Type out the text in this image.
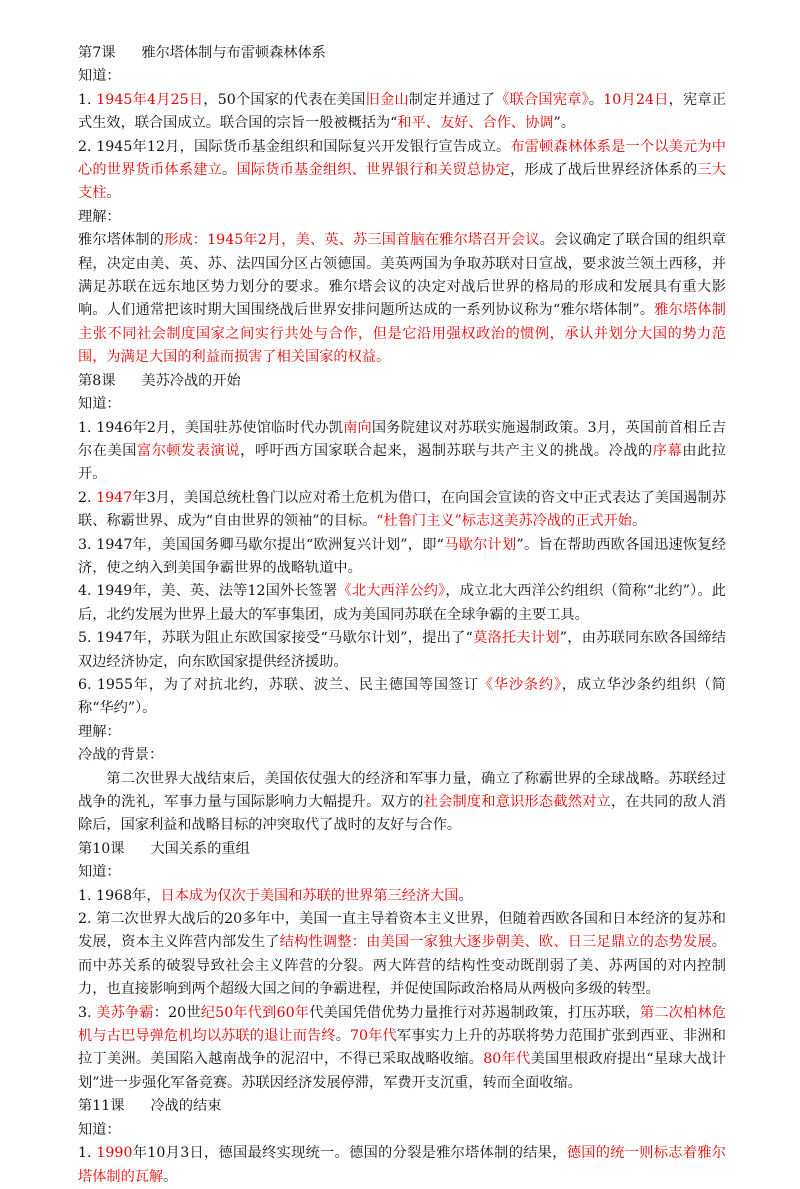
第7课 雅尔塔体制与布雷顿森林体系

知道：

1. 1945年4月25日，50个国家的代表在美国旧金山制定并通过了《联合国宪章》。10月24日，宪章正式生效，联合国成立。联合国的宗旨一般被概括为“和平、友好、合作、协调”。

2. 1945年12月，国际货币基金组织和国际复兴开发银行宣告成立。布雷顿森林体系是一个以美元为中心的世界货币体系建立。国际货币基金组织、世界银行和关贸总协定，形成了战后世界经济体系的三大支柱。

理解：

雅尔塔体制的形成：1945年2月，美、英、苏三国首脑在雅尔塔召开会议。会议确定了联合国的组织章程，决定由美、英、苏、法四国分区占领德国。美英两国为争取苏联对日宣战，要求波兰领土西移，并满足苏联在远东地区势力划分的要求。雅尔塔会议的决定对战后世界的格局的形成和发展具有重大影响。人们通常把该时期大国围绕战后世界安排问题所达成的一系列协议称为“雅尔塔体制”。雅尔塔体制主张不同社会制度国家之间实行共处与合作，但是它沿用强权政治的惯例，承认并划分大国的势力范围，为满足大国的利益而损害了相关国家的权益。

第8课 美苏冷战的开始

知道：

1. 1946年2月，美国驻苏使馆临时代办凯南向国务院建议对苏联实施遏制政策。3月，英国前首相丘吉尔在美国富尔顿发表演说，呼吁西方国家联合起来，遏制苏联与共产主义的挑战。冷战的序幕由此拉开。

2. 1947年3月，美国总统杜鲁门以应对希土危机为借口，在向国会宣读的咨文中正式表达了美国遏制苏联、称霸世界、成为“自由世界的领袖”的目标。“杜鲁门主义”标志这美苏冷战的正式开始。

3. 1947年，美国国务卿马歇尔提出“欧洲复兴计划”，即“马歇尔计划”。旨在帮助西欧各国迅速恢复经济，使之纳入到美国争霸世界的战略轨道中。

4. 1949年，美、英、法等12国外长签署《北大西洋公约》，成立北大西洋公约组织（简称“北约”）。此后，北约发展为世界上最大的军事集团，成为美国同苏联在全球争霸的主要工具。

5. 1947年，苏联为阻止东欧国家接受“马歇尔计划”，提出了“莫洛托夫计划”，由苏联同东欧各国缔结双边经济协定，向东欧国家提供经济援助。

6. 1955年，为了对抗北约，苏联、波兰、民主德国等国签订《华沙条约》，成立华沙条约组织（简称“华约”）。

理解：

冷战的背景：

第二次世界大战结束后，美国依仗强大的经济和军事力量，确立了称霸世界的全球战略。苏联经过战争的洗礼，军事力量与国际影响力大幅提升。双方的社会制度和意识形态截然对立，在共同的敌人消除后，国家利益和战略目标的冲突取代了战时的友好与合作。

第10课 大国关系的重组

知道：

1. 1968年，日本成为仅次于美国和苏联的世界第三经济大国。

2. 第二次世界大战后的20多年中，美国一直主导着资本主义世界，但随着西欧各国和日本经济的复苏和发展，资本主义阵营内部发生了结构性调整：由美国一家独大逐步朝美、欧、日三足鼎立的态势发展。而中苏关系的破裂导致社会主义阵营的分裂。两大阵营的结构性变动既削弱了美、苏两国的对内控制力，也直接影响到两个超级大国之间的争霸进程，并促使国际政治格局从两极向多级的转型。

3. 美苏争霸：20世纪50年代到60年代美国凭借优势力量推行对苏遏制政策，打压苏联，第二次柏林危机与古巴导弹危机均以苏联的退让而告终。70年代军事实力上升的苏联将势力范围扩张到西亚、非洲和拉丁美洲。美国陷入越南战争的泥沼中，不得已采取战略收缩。80年代美国里根政府提出“星球大战计划”进一步强化军备竞赛。苏联因经济发展停滞，军费开支沉重，转而全面收缩。

第11课 冷战的结束

知道：

1. 1990年10月3日，德国最终实现统一。德国的分裂是雅尔塔体制的结果，德国的统一则标志着雅尔塔体制的瓦解。
